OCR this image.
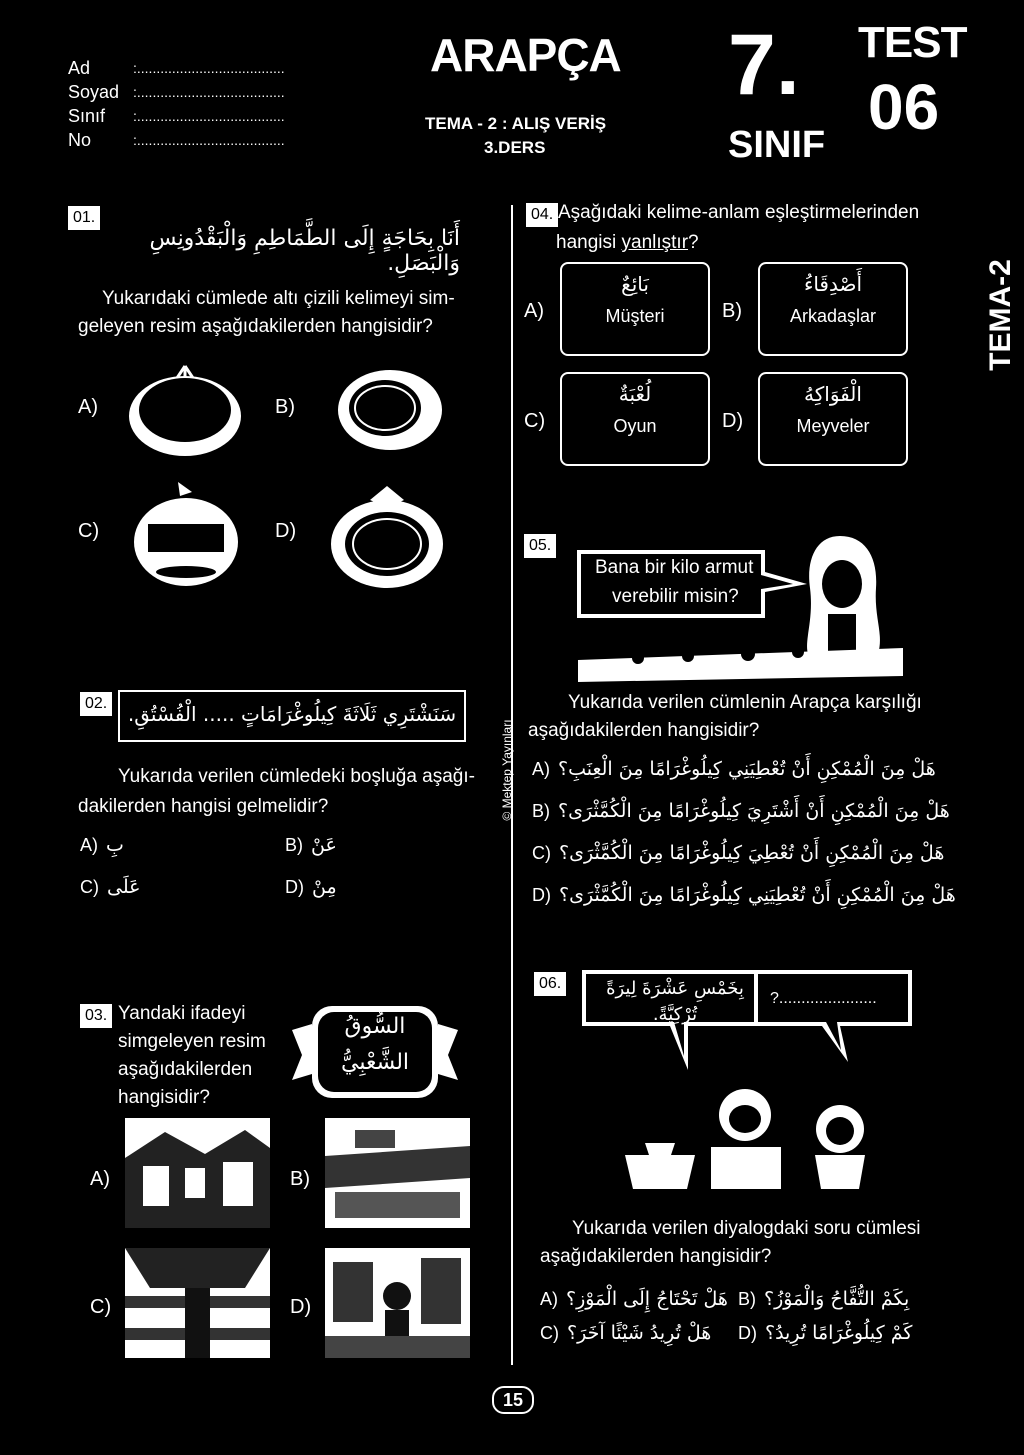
Ad	:......................................
Soyad :......................................
Sınıf :......................................
No	:......................................
ARAPÇA
TEMA - 2 : ALIŞ VERİŞ
3.DERS
7.
SINIF
TEST
06
TEMA-2
© Mektep Yayınları
01.
أَنَا بِحَاجَةٍ إِلَى الطَّمَاطِمِ وَالْبَقْدُونِسِ وَالْبَصَلِ.
Yukarıdaki cümlede altı çizili kelimeyi sim-
geleyen resim aşağıdakilerden hangisidir?
A)	B)
C)	D)
02. سَنَشْتَرِي ثَلَاثَةَ كِيلُوغْرَامَاتٍ ..... الْفُسْتُقِ.
Yukarıda verilen cümledeki boşluğa aşağı-
dakilerden hangisi gelmelidir?
A) بِ	B) عَنْ
C) عَلَى	D) مِنْ
03. Yandaki ifadeyi
simgeleyen resim
aşağıdakilerden
hangisidir?
السُّوقُ
الشَّعْبِيُّ
A)	B)
C)	D)
04. Aşağıdaki kelime-anlam eşleştirmelerinden
hangisi yanlıştır?
A)
بَائِعٌ
Müşteri	B)
أَصْدِقَاءُ
Arkadaşlar
C)
لُعْبَةٌ
Oyun	D)
الْفَوَاكِهُ
Meyveler
05.
Bana bir kilo armut
verebilir misin?
Yukarıda verilen cümlenin Arapça karşılığı
aşağıdakilerden hangisidir?
A) هَلْ مِنَ الْمُمْكِنِ أَنْ تُعْطِيَنِي كِيلُوغْرَامًا مِنَ الْعِنَبِ؟
B) هَلْ مِنَ الْمُمْكِنِ أَنْ أَشْتَرِيَ كِيلُوغْرَامًا مِنَ الْكُمَّثْرَى؟
C) هَلْ مِنَ الْمُمْكِنِ أَنْ تُعْطِيَ كِيلُوغْرَامًا مِنَ الْكُمَّثْرَى؟
D) هَلْ مِنَ الْمُمْكِنِ أَنْ تُعْطِيَنِي كِيلُوغْرَامًا مِنَ الْكُمَّثْرَى؟
06.	بِخَمْسِ عَشْرَةَ لِيرَةً
تُرْكِيَّةً.
?......................
Yukarıda verilen diyalogdaki soru cümlesi
aşağıdakilerden hangisidir?
A) هَلْ تَحْتَاجُ إِلَى الْمَوْزِ؟ B) بِكَمْ التُّفَّاحُ وَالْمَوْزُ؟
C) هَلْ تُرِيدُ شَيْئًا آخَرَ؟ D) كَمْ كِيلُوغْرَامًا تُرِيدُ؟
15
